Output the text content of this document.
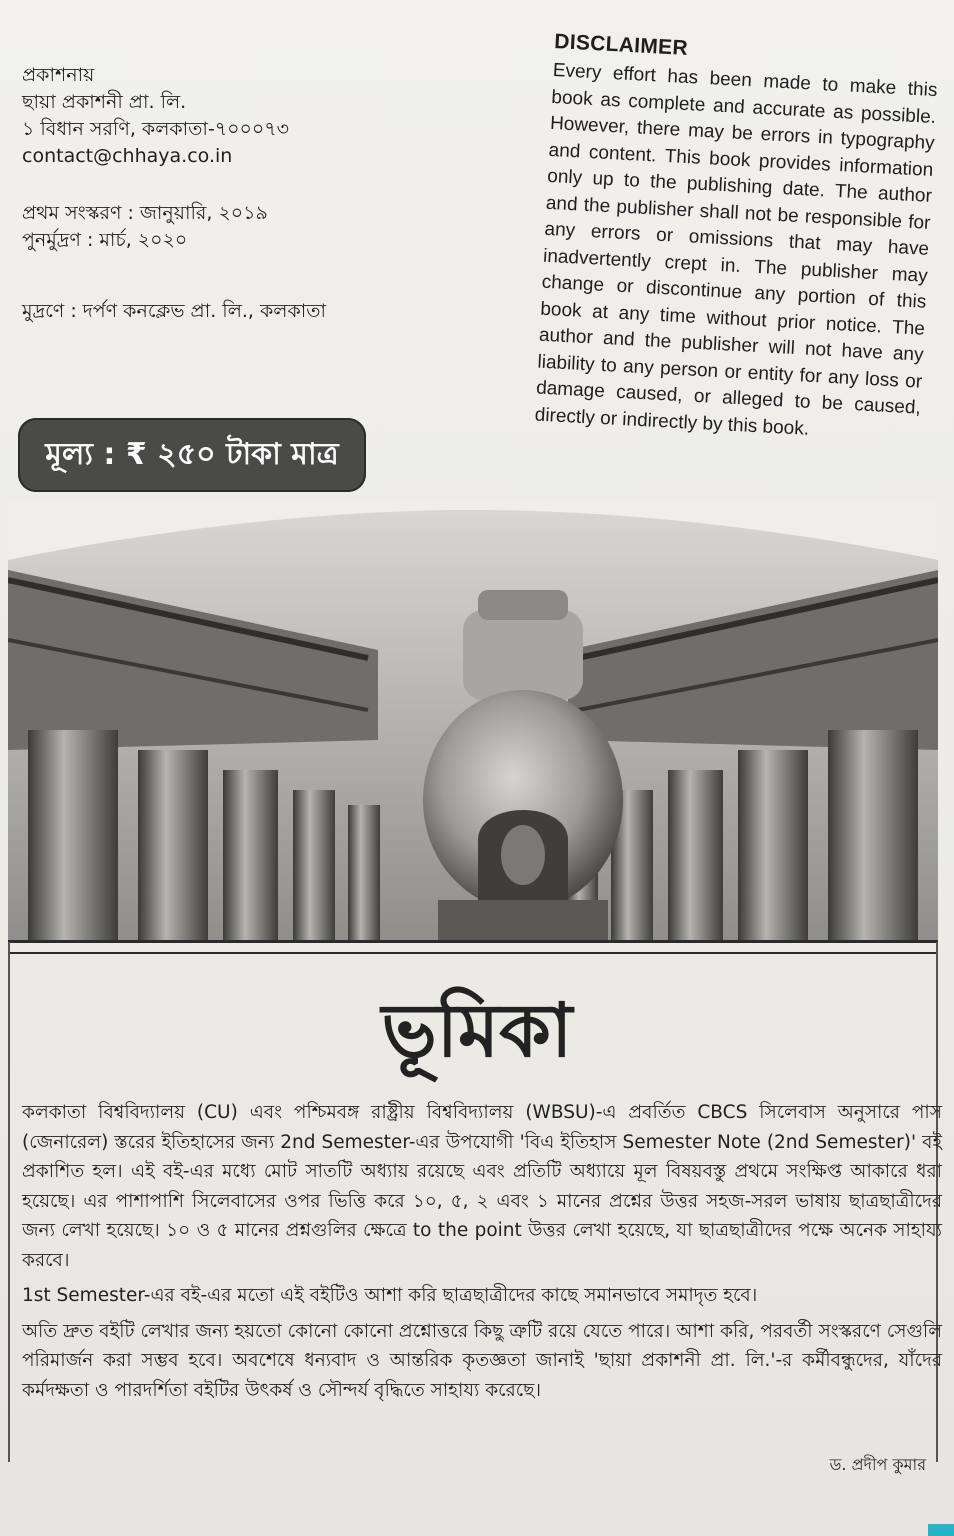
প্রকাশনায়
ছায়া প্রকাশনী প্রা. লি.
১ বিধান সরণি, কলকাতা-৭০০০৭৩
contact@chhaya.co.in
প্রথম সংস্করণ : জানুয়ারি, ২০১৯
পুনর্মুদ্রণ : মার্চ, ২০২০
মুদ্রণে : দর্পণ কনক্লেভ প্রা. লি., কলকাতা
মূল্য : ₹ ২৫০ টাকা মাত্র
DISCLAIMER

Every effort has been made to make this book as complete and accurate as possible. However, there may be errors in typography and content. This book provides information only up to the publishing date. The author and the publisher shall not be responsible for any errors or omissions that may have inadvertently crept in. The publisher may change or discontinue any portion of this book at any time without prior notice. The author and the publisher will not have any liability to any person or entity for any loss or damage caused, or alleged to be caused, directly or indirectly by this book.

ভূমিকা

কলকাতা বিশ্ববিদ্যালয় (CU) এবং পশ্চিমবঙ্গ রাষ্ট্রীয় বিশ্ববিদ্যালয় (WBSU)-এ প্রবর্তিত CBCS সিলেবাস অনুসারে পাস (জেনারেল) স্তরের ইতিহাসের জন্য 2nd Semester-এর উপযোগী 'বিএ ইতিহাস Semester Note (2nd Semester)' বই প্রকাশিত হল। এই বই-এর মধ্যে মোট সাতটি অধ্যায় রয়েছে এবং প্রতিটি অধ্যায়ে মূল বিষয়বস্তু প্রথমে সংক্ষিপ্ত আকারে ধরা হয়েছে। এর পাশাপাশি সিলেবাসের ওপর ভিত্তি করে ১০, ৫, ২ এবং ১ মানের প্রশ্নের উত্তর সহজ-সরল ভাষায় ছাত্রছাত্রীদের জন্য লেখা হয়েছে। ১০ ও ৫ মানের প্রশ্নগুলির ক্ষেত্রে to the point উত্তর লেখা হয়েছে, যা ছাত্রছাত্রীদের পক্ষে অনেক সাহায্য করবে।

1st Semester-এর বই-এর মতো এই বইটিও আশা করি ছাত্রছাত্রীদের কাছে সমানভাবে সমাদৃত হবে।

অতি দ্রুত বইটি লেখার জন্য হয়তো কোনো কোনো প্রশ্নোত্তরে কিছু ত্রুটি রয়ে যেতে পারে। আশা করি, পরবর্তী সংস্করণে সেগুলি পরিমার্জন করা সম্ভব হবে। অবশেষে ধন্যবাদ ও আন্তরিক কৃতজ্ঞতা জানাই 'ছায়া প্রকাশনী প্রা. লি.'-র কর্মীবন্ধুদের, যাঁদের কর্মদক্ষতা ও পারদর্শিতা বইটির উৎকর্ষ ও সৌন্দর্য বৃদ্ধিতে সাহায্য করেছে।

ড. প্রদীপ কুমার
